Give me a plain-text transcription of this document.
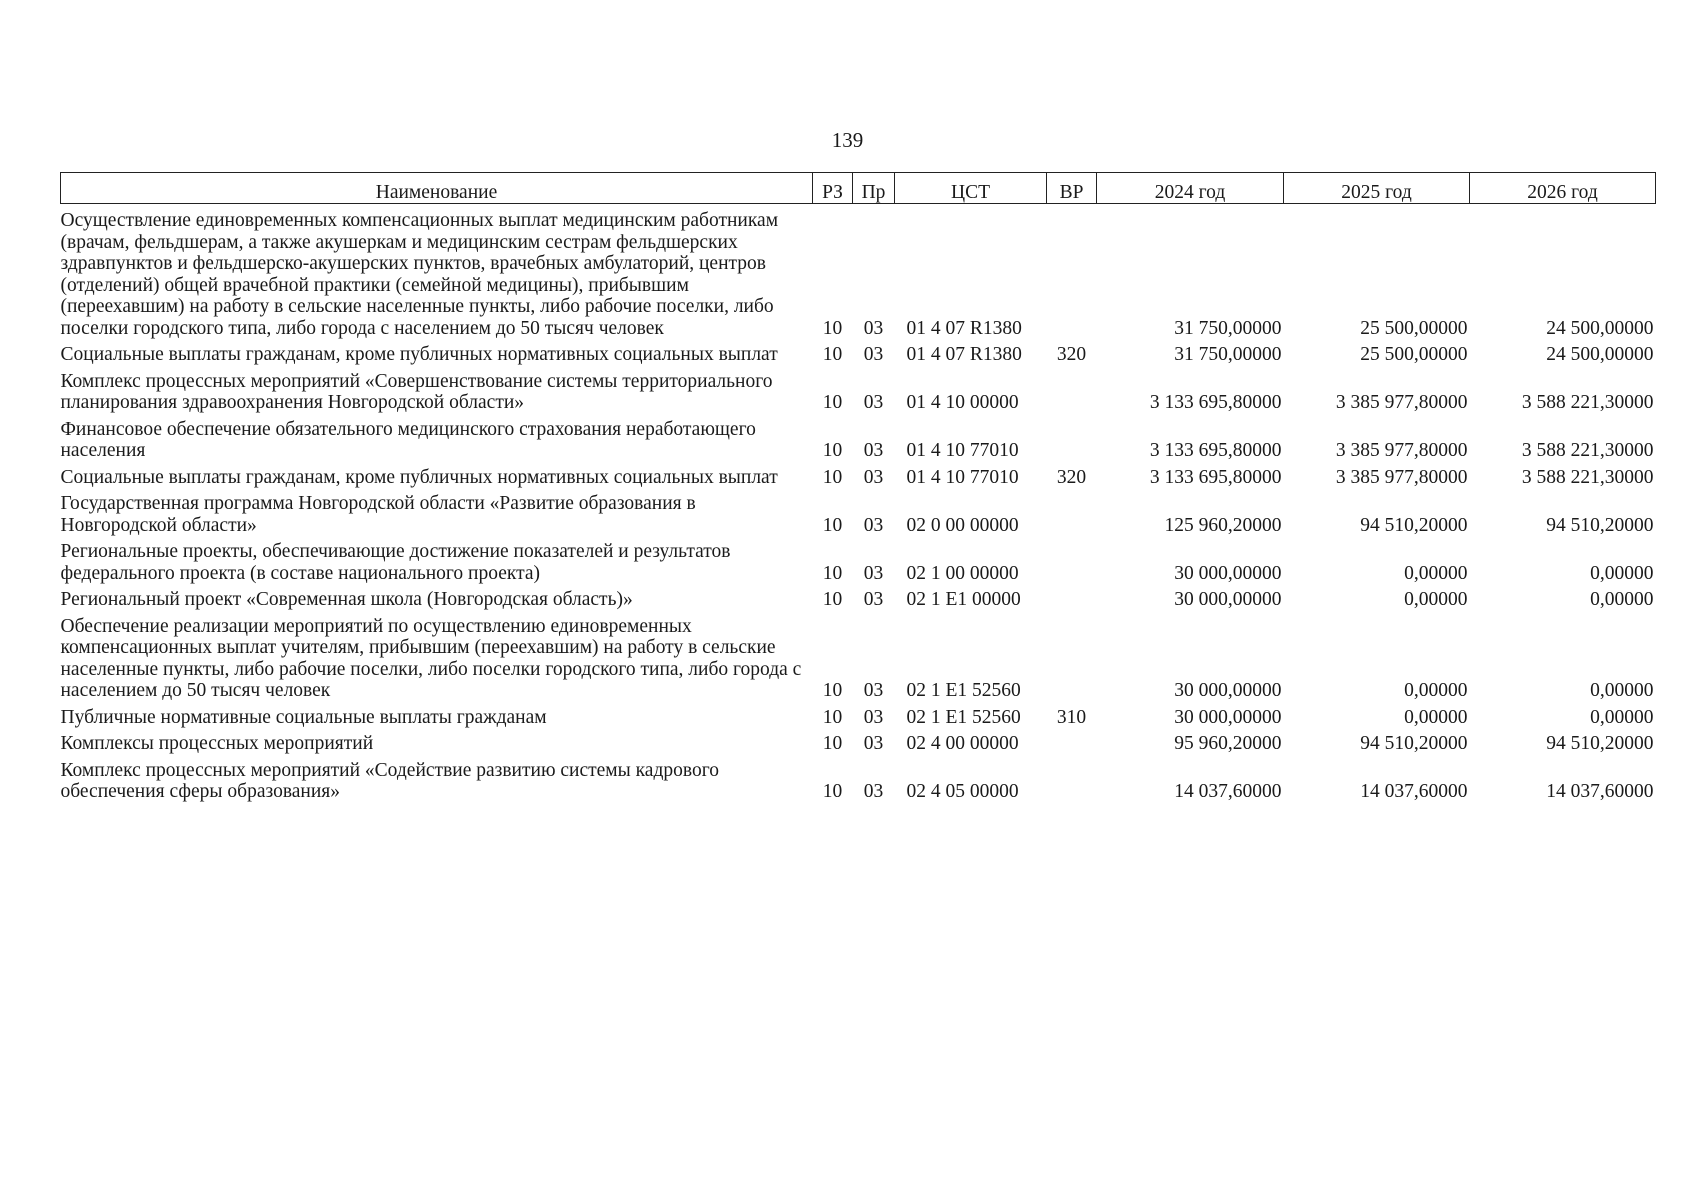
139
Наименование	РЗ	Пр	ЦСТ	ВР	2024 год	2025 год	2026 год
Осуществление единовременных компенсационных выплат медицинским работникам (врачам, фельдшерам, а также акушеркам и медицинским сестрам фельдшерских здравпунктов и фельдшерско-акушерских пунктов, врачебных амбулаторий, центров (отделений) общей врачебной практики (семейной медицины), прибывшим (переехавшим) на работу в сельские населенные пункты, либо рабочие поселки, либо поселки городского типа, либо города с населением до 50 тысяч человек	10	03	01 4 07 R1380		31 750,00000	25 500,00000	24 500,00000
Социальные выплаты гражданам, кроме публичных нормативных социальных выплат	10	03	01 4 07 R1380	320	31 750,00000	25 500,00000	24 500,00000
Комплекс процессных мероприятий «Совершенствование системы территориального планирования здравоохранения Новгородской области»	10	03	01 4 10 00000		3 133 695,80000	3 385 977,80000	3 588 221,30000
Финансовое обеспечение обязательного медицинского страхования неработающего населения	10	03	01 4 10 77010		3 133 695,80000	3 385 977,80000	3 588 221,30000
Социальные выплаты гражданам, кроме публичных нормативных социальных выплат	10	03	01 4 10 77010	320	3 133 695,80000	3 385 977,80000	3 588 221,30000
Государственная программа Новгородской области «Развитие образования в Новгородской области»	10	03	02 0 00 00000		125 960,20000	94 510,20000	94 510,20000
Региональные проекты, обеспечивающие достижение показателей и результатов федерального проекта (в составе национального проекта)	10	03	02 1 00 00000		30 000,00000	0,00000	0,00000
Региональный проект «Современная школа (Новгородская область)»	10	03	02 1 E1 00000		30 000,00000	0,00000	0,00000
Обеспечение реализации мероприятий по осуществлению единовременных компенсационных выплат учителям, прибывшим (переехавшим) на работу в сельские населенные пункты, либо рабочие поселки, либо поселки городского типа, либо города с населением до 50 тысяч человек	10	03	02 1 E1 52560		30 000,00000	0,00000	0,00000
Публичные нормативные социальные выплаты гражданам	10	03	02 1 E1 52560	310	30 000,00000	0,00000	0,00000
Комплексы процессных мероприятий	10	03	02 4 00 00000		95 960,20000	94 510,20000	94 510,20000
Комплекс процессных мероприятий «Содействие развитию системы кадрового обеспечения сферы образования»	10	03	02 4 05 00000		14 037,60000	14 037,60000	14 037,60000
